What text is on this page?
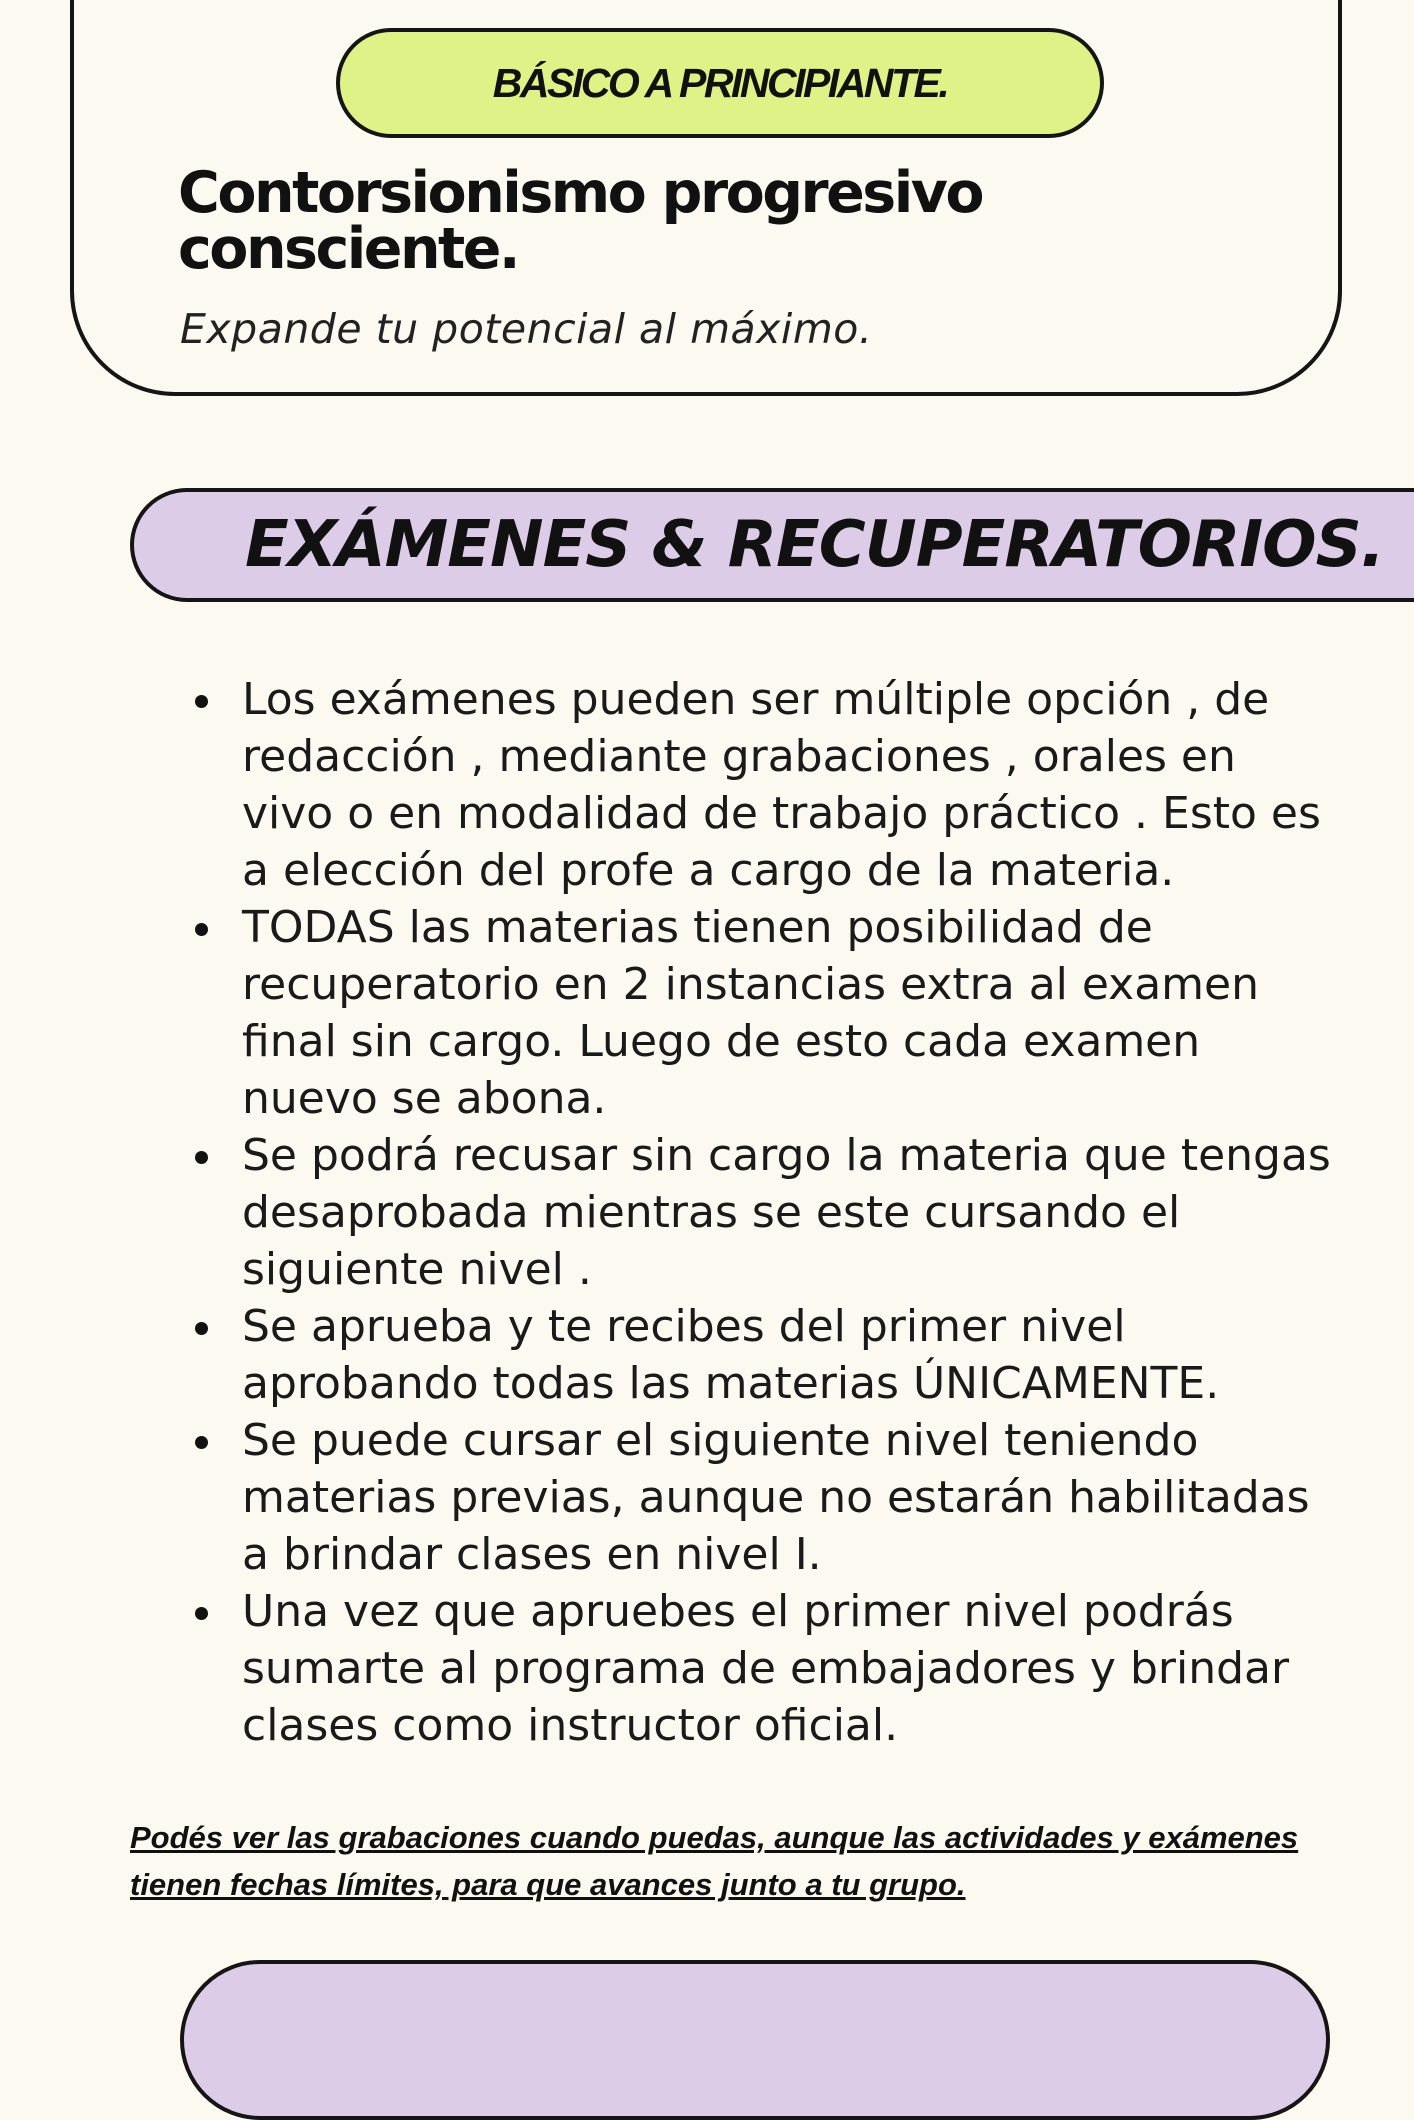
BÁSICO A PRINCIPIANTE.
Contorsionismo progresivo consciente.
Expande tu potencial al máximo.
EXÁMENES & RECUPERATORIOS.
Los exámenes pueden ser múltiple opción , de redacción , mediante grabaciones , orales en vivo o en modalidad de trabajo práctico . Esto es a elección del profe a cargo de la materia.
TODAS las materias tienen posibilidad de recuperatorio en 2 instancias extra al examen final sin cargo. Luego de esto cada examen nuevo se abona.
Se podrá recusar sin cargo la materia que tengas desaprobada mientras se este cursando el siguiente nivel .
Se aprueba y te recibes del primer nivel aprobando todas las materias ÚNICAMENTE.
Se puede cursar el siguiente nivel teniendo materias previas, aunque no estarán habilitadas a brindar clases en nivel I.
Una vez que apruebes el primer nivel podrás sumarte al programa de embajadores y brindar clases como instructor oficial.
Podés ver las grabaciones cuando puedas, aunque las actividades y exámenes tienen fechas límites, para que avances junto a tu grupo.
